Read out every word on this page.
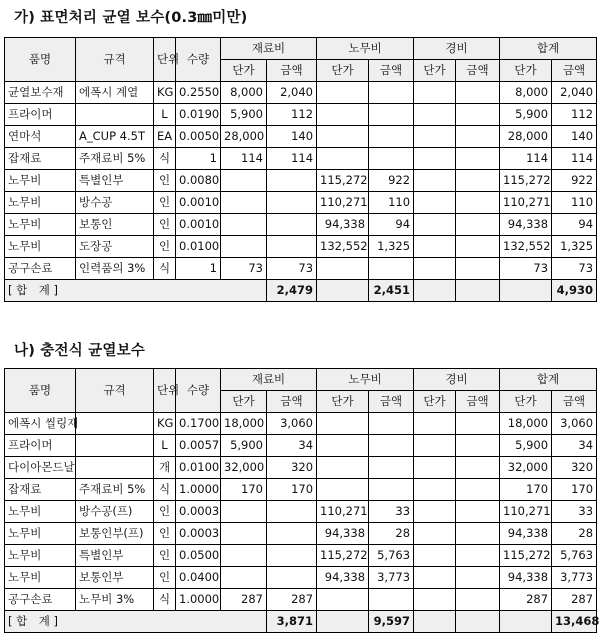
가) 표면처리 균열 보수(0.3㎜미만)
품명	규격	단위	수량	재료비		노무비		경비		합계	
				단가	금액	단가	금액	단가	금액	단가	금액
균열보수재	에폭시 계열	KG	0.2550	8,000	2,040					8,000	2,040
프라이머		L	0.0190	5,900	112					5,900	112
연마석	A_CUP 4.5T	EA	0.0050	28,000	140					28,000	140
잡재료	주재료비 5%	식	1	114	114					114	114
노무비	특별인부	인	0.0080			115,272	922			115,272	922
노무비	방수공	인	0.0010			110,271	110			110,271	110
노무비	보통인	인	0.0010			94,338	94			94,338	94
노무비	도장공	인	0.0100			132,552	1,325			132,552	1,325
공구손료	인력품의 3%	식	1	73	73					73	73
[ 합　계 ]					2,479		2,451				4,930
나) 충전식 균열보수
품명	규격	단위	수량	재료비		노무비		경비		합계	
				단가	금액	단가	금액	단가	금액	단가	금액
에폭시 씰링재		KG	0.1700	18,000	3,060					18,000	3,060
프라이머		L	0.0057	5,900	34					5,900	34
다이아몬드날		개	0.0100	32,000	320					32,000	320
잡재료	주재료비 5%	식	1.0000	170	170					170	170
노무비	방수공(프)	인	0.0003			110,271	33			110,271	33
노무비	보통인부(프)	인	0.0003			94,338	28			94,338	28
노무비	특별인부	인	0.0500			115,272	5,763			115,272	5,763
노무비	보통인부	인	0.0400			94,338	3,773			94,338	3,773
공구손료	노무비 3%	식	1.0000	287	287					287	287
[ 합　계 ]					3,871		9,597				13,468
